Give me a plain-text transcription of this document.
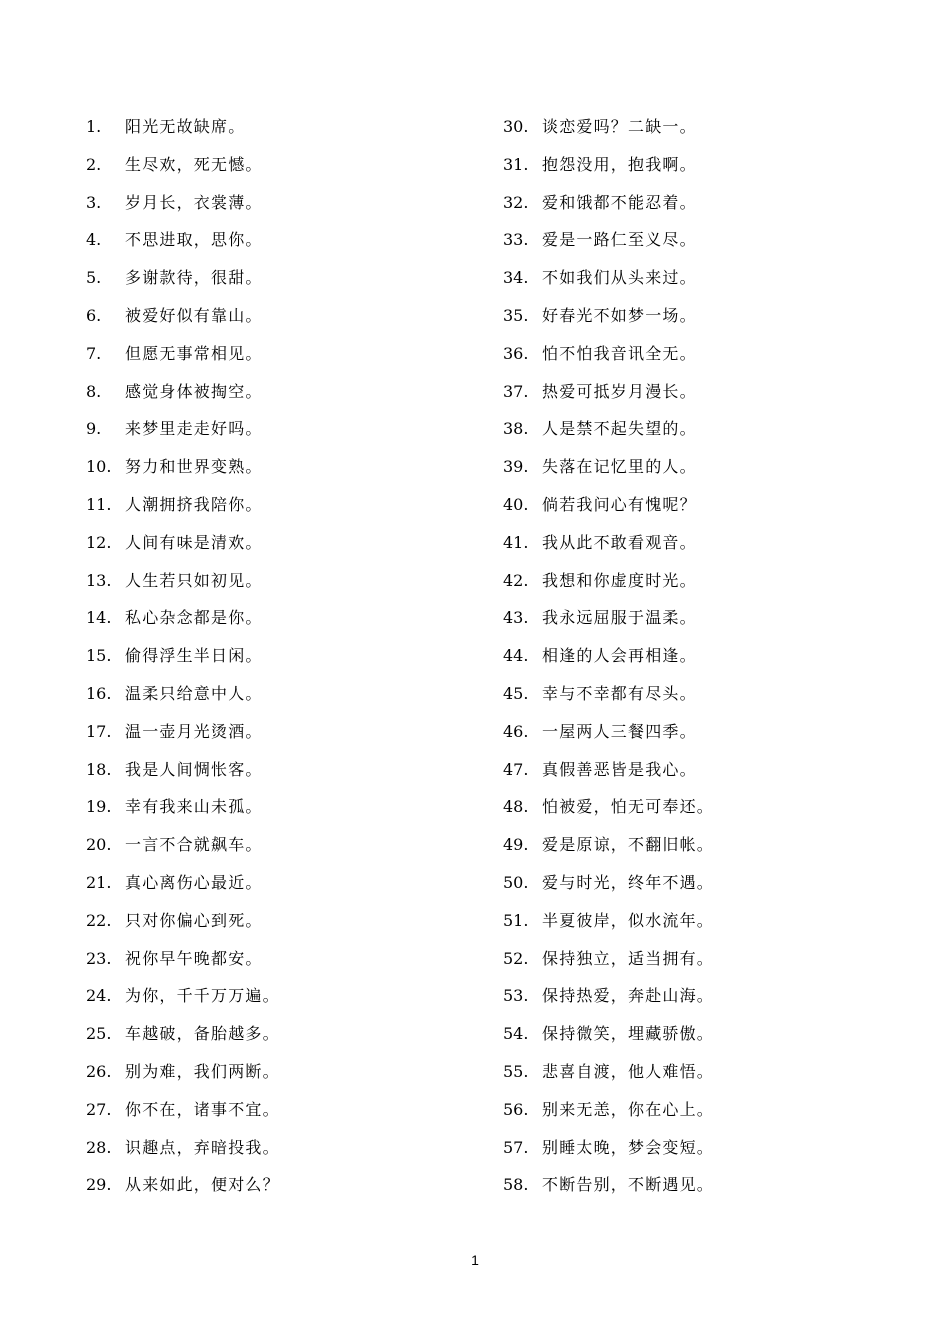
1.	阳光无故缺席。
2.	生尽欢，死无憾。
3.	岁月长，衣裳薄。
4.	不思进取，思你。
5.	多谢款待，很甜。
6.	被爱好似有靠山。
7.	但愿无事常相见。
8.	感觉身体被掏空。
9.	来梦里走走好吗。
10. 努力和世界变熟。
11. 人潮拥挤我陪你。
12. 人间有味是清欢。
13. 人生若只如初见。
14. 私心杂念都是你。
15. 偷得浮生半日闲。
16. 温柔只给意中人。
17. 温一壶月光烫酒。
18. 我是人间惆怅客。
19. 幸有我来山未孤。
20. 一言不合就飙车。
21. 真心离伤心最近。
22. 只对你偏心到死。
23. 祝你早午晚都安。
24. 为你，千千万万遍。
25. 车越破，备胎越多。
26. 别为难，我们两断。
27. 你不在，诸事不宜。
28. 识趣点，弃暗投我。
29. 从来如此，便对么？
30. 谈恋爱吗？二缺一。
31. 抱怨没用，抱我啊。
32. 爱和饿都不能忍着。
33. 爱是一路仁至义尽。
34. 不如我们从头来过。
35. 好春光不如梦一场。
36. 怕不怕我音讯全无。
37. 热爱可抵岁月漫长。
38. 人是禁不起失望的。
39. 失落在记忆里的人。
40. 倘若我问心有愧呢？
41. 我从此不敢看观音。
42. 我想和你虚度时光。
43. 我永远屈服于温柔。
44. 相逢的人会再相逢。
45. 幸与不幸都有尽头。
46. 一屋两人三餐四季。
47. 真假善恶皆是我心。
48. 怕被爱，怕无可奉还。
49. 爱是原谅，不翻旧帐。
50. 爱与时光，终年不遇。
51. 半夏彼岸，似水流年。
52. 保持独立，适当拥有。
53. 保持热爱，奔赴山海。
54. 保持微笑，埋藏骄傲。
55. 悲喜自渡，他人难悟。
56. 别来无恙，你在心上。
57. 别睡太晚，梦会变短。
58. 不断告别，不断遇见。
1
